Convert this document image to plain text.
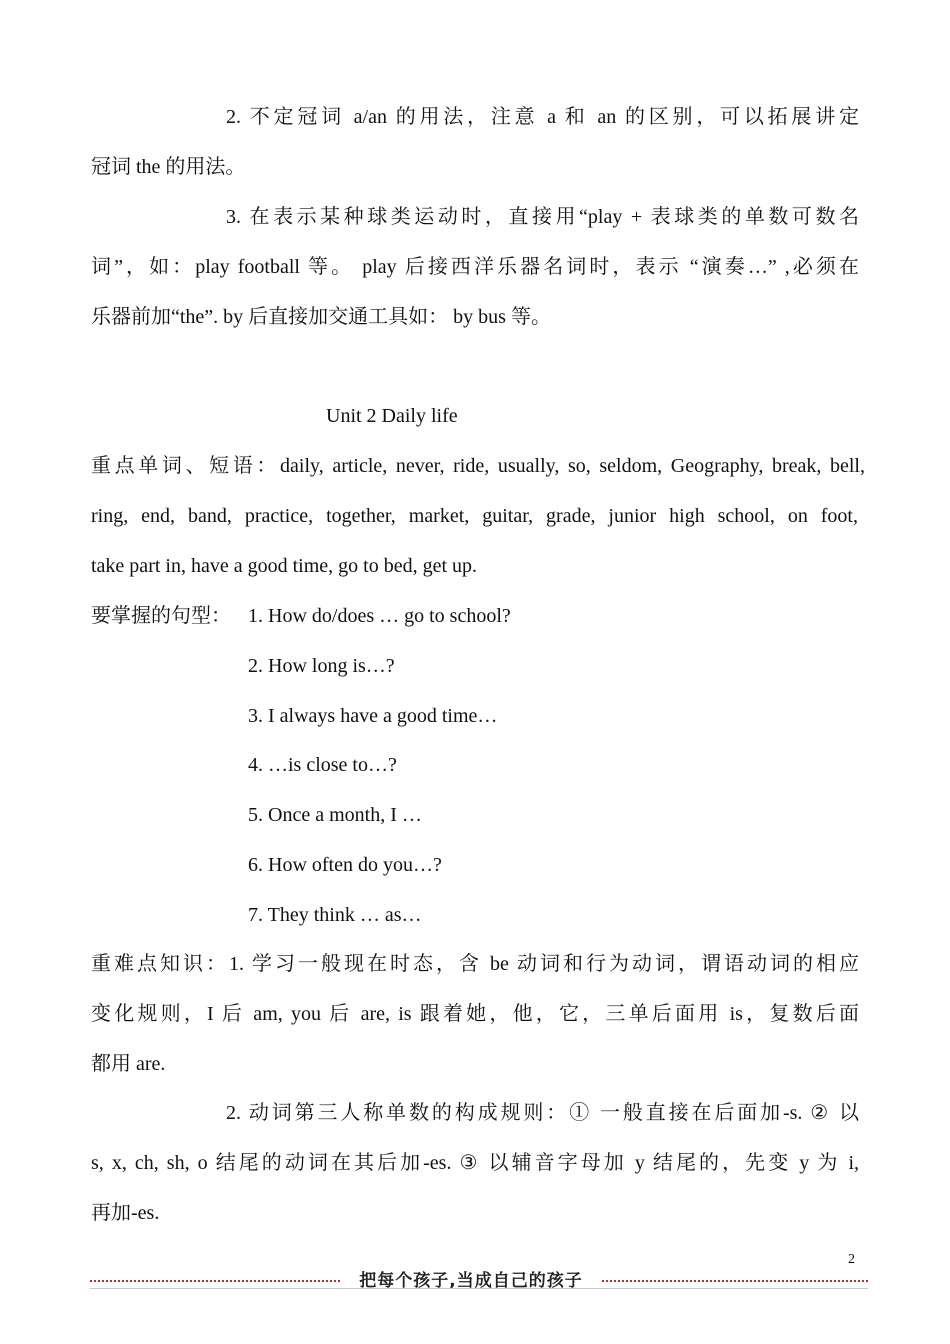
2. 不定冠词 a/an 的用法，注意 a 和 an 的区别，可以拓展讲定
冠词 the 的用法。
3. 在表示某种球类运动时，直接用“play + 表球类的单数可数名
词”，如：play football 等。 play 后接西洋乐器名词时，表示 “演奏…” ,必须在
乐器前加“the”. by 后直接加交通工具如： by bus 等。
Unit 2 Daily life
重点单词、短语：daily, article, never, ride, usually, so, seldom, Geography, break, bell,
ring, end, band, practice, together, market, guitar, grade, junior high school, on foot,
take part in, have a good time, go to bed, get up.
要掌握的句型： 1. How do/does … go to school?
2. How long is…?
3. I always have a good time…
4. …is close to…?
5. Once a month, I …
6. How often do you…?
7. They think … as…
重难点知识：1. 学习一般现在时态，含 be 动词和行为动词，谓语动词的相应
变化规则，I 后 am, you 后 are, is 跟着她，他，它，三单后面用 is，复数后面
都用 are.
2. 动词第三人称单数的构成规则：① 一般直接在后面加-s. ② 以
s, x, ch, sh, o 结尾的动词在其后加-es. ③ 以辅音字母加 y 结尾的，先变 y 为 i,
再加-es.
2
把每个孩子,当成自己的孩子
